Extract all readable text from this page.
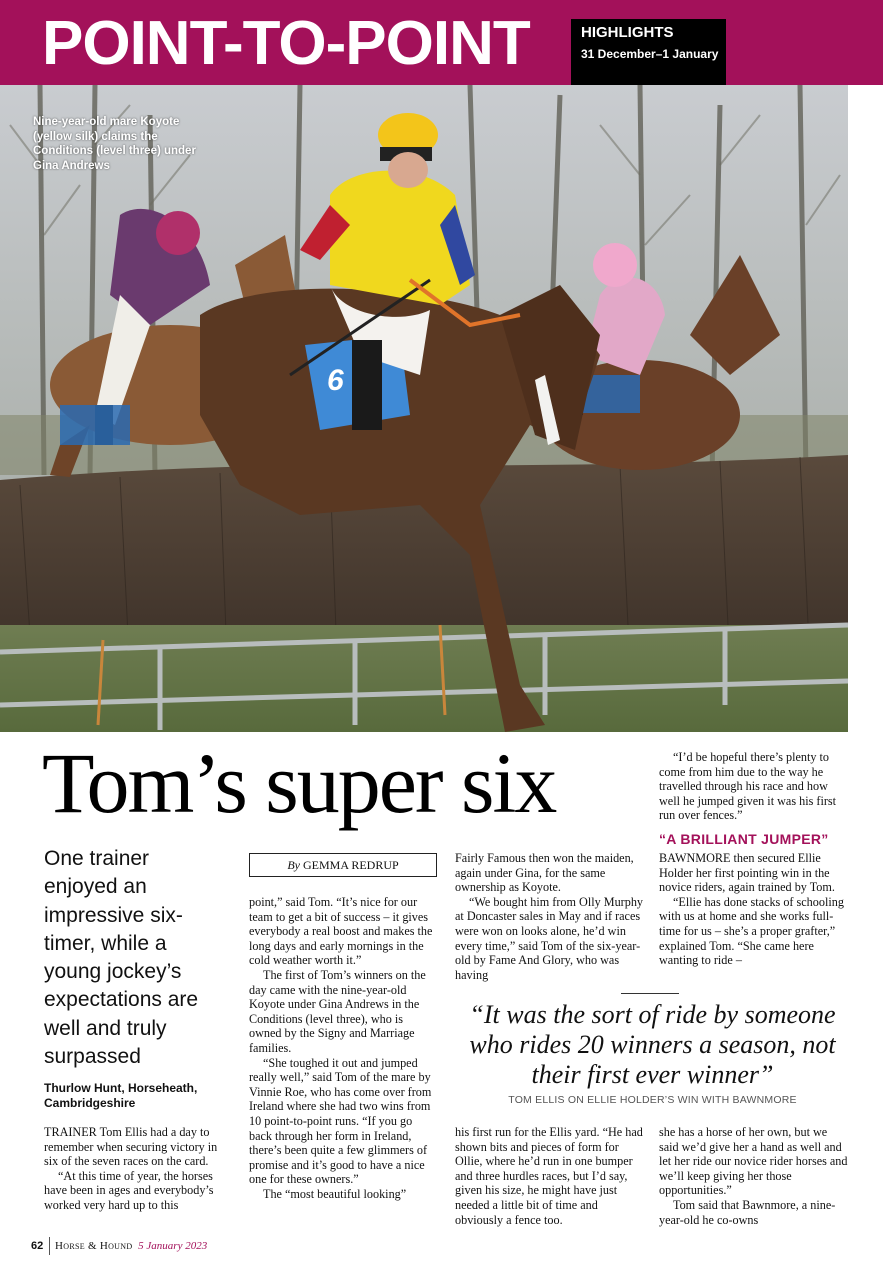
POINT-TO-POINT	HIGHLIGHTS
31 December–1 January
6
Nine-year-old mare Koyote (yellow silk) claims the Conditions (level three) under Gina Andrews
Tom’s super six
One trainer enjoyed an impressive six-timer, while a young jockey’s expectations are well and truly surpassed
Thurlow Hunt, Horseheath, Cambridgeshire
By GEMMA REDRUP

TRAINER Tom Ellis had a day to remember when securing victory in six of the seven races on the card.

“At this time of year, the horses have been in ages and everybody’s worked very hard up to this

point,” said Tom. “It’s nice for our team to get a bit of success – it gives everybody a real boost and makes the long days and early mornings in the cold weather worth it.”

The first of Tom’s winners on the day came with the nine-year-old Koyote under Gina Andrews in the Conditions (level three), who is owned by the Signy and Marriage families.

“She toughed it out and jumped really well,” said Tom of the mare by Vinnie Roe, who has come over from Ireland where she had two wins from 10 point-to-point runs. “If you go back through her form in Ireland, there’s been quite a few glimmers of promise and it’s good to have a nice one for these owners.”

The “most beautiful looking”

Fairly Famous then won the maiden, again under Gina, for the same ownership as Koyote.

“We bought him from Olly Murphy at Doncaster sales in May and if races were won on looks alone, he’d win every time,” said Tom of the six-year-old by Fame And Glory, who was having

“I’d be hopeful there’s plenty to come from him due to the way he travelled through his race and how well he jumped given it was his first run over fences.”

“A BRILLIANT JUMPER”

BAWNMORE then secured Ellie Holder her first pointing win in the novice riders, again trained by Tom.

“Ellie has done stacks of schooling with us at home and she works full-time for us – she’s a proper grafter,” explained Tom. “She came here wanting to ride –

“It was the sort of ride by someone who rides 20 winners a season, not their first ever winner”
TOM ELLIS ON ELLIE HOLDER’S WIN WITH BAWNMORE

his first run for the Ellis yard. “He had shown bits and pieces of form for Ollie, where he’d run in one bumper and three hurdles races, but I’d say, given his size, he might have just needed a little bit of time and obviously a fence too.

she has a horse of her own, but we said we’d give her a hand as well and let her ride our novice rider horses and we’ll keep giving her those opportunities.”

Tom said that Bawnmore, a nine-year-old he co-owns

62 Horse & Hound 5 January 2023
